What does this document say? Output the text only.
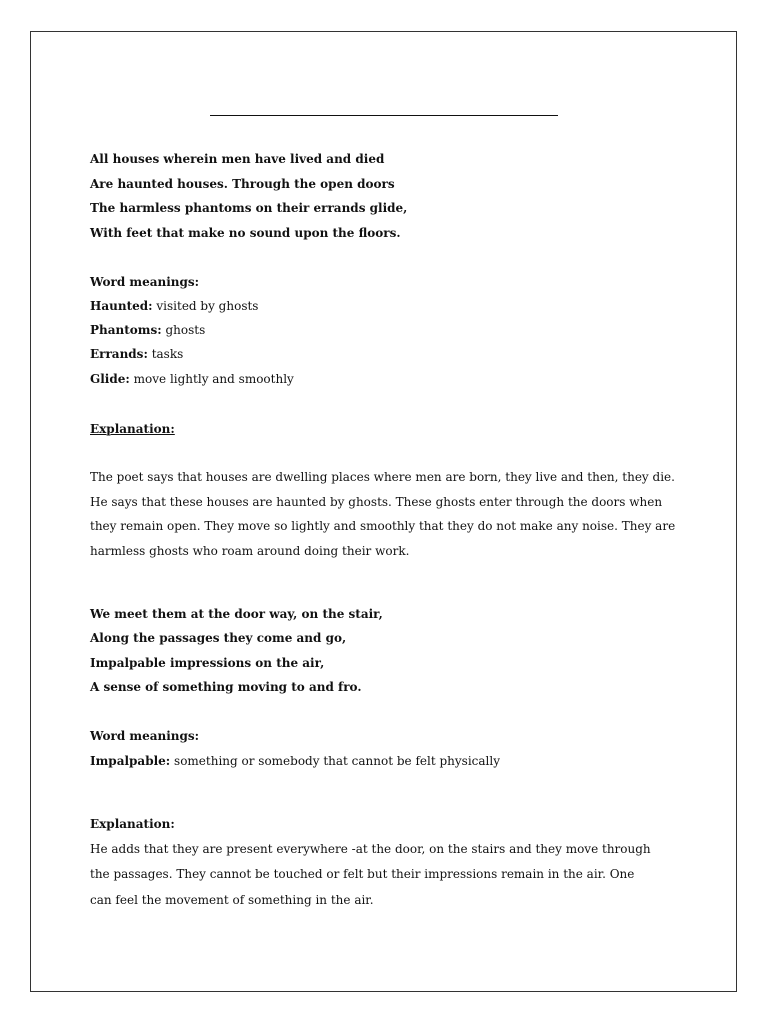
All houses wherein men have lived and died
Are haunted houses. Through the open doors
The harmless phantoms on their errands glide,
With feet that make no sound upon the floors.
Word meanings:
Haunted: visited by ghosts
Phantoms: ghosts
Errands: tasks
Glide: move lightly and smoothly
Explanation:
The poet says that houses are dwelling places where men are born, they live and then, they die.
He says that these houses are haunted by ghosts. These ghosts enter through the doors when
they remain open. They move so lightly and smoothly that they do not make any noise. They are
harmless ghosts who roam around doing their work.
We meet them at the door way, on the stair,
Along the passages they come and go,
Impalpable impressions on the air,
A sense of something moving to and fro.
Word meanings:
Impalpable: something or somebody that cannot be felt physically
Explanation:
He adds that they are present everywhere -at the door, on the stairs and they move through
the passages. They cannot be touched or felt but their impressions remain in the air. One
can feel the movement of something in the air.
